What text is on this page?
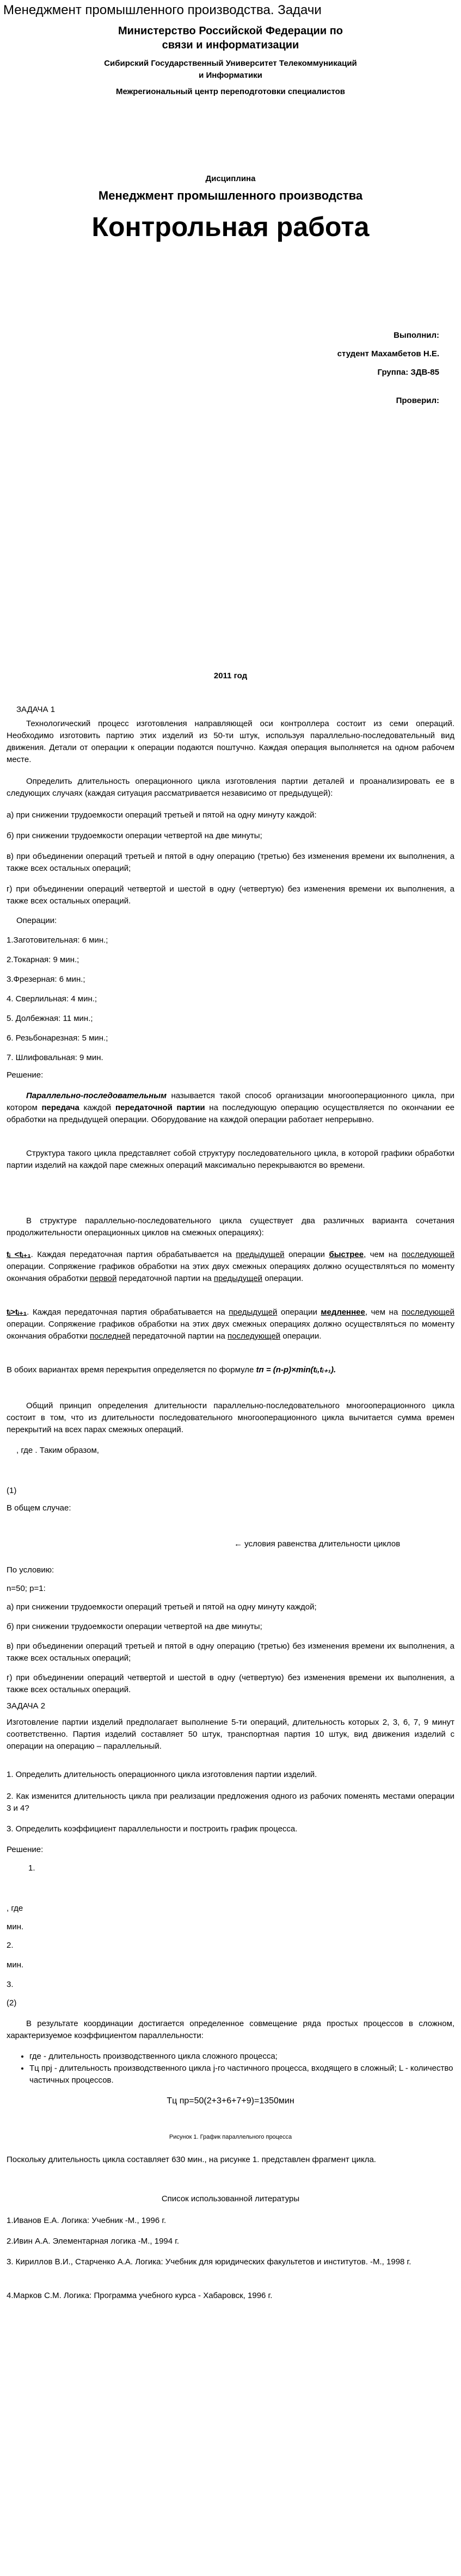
Менеджмент промышленного производства. Задачи
Министерство Российской Федерации по
связи и информатизации
Сибирский Государственный Университет Телекоммуникаций
и Информатики
Межрегиональный центр переподготовки специалистов
Дисциплина
Менеджмент промышленного производства
Контрольная работа
Выполнил:
студент Махамбетов Н.Е.
Группа: ЗДВ-85
Проверил:
2011 год
ЗАДАЧА 1

Технологический процесс изготовления направляющей оси контроллера состоит из семи операций. Необходимо изготовить партию этих изделий из 50-ти штук, используя параллельно-последовательный вид движения. Детали от операции к операции подаются поштучно. Каждая операция выполняется на одном рабочем месте.

Определить длительность операционного цикла изготовления партии деталей и проанализировать ее в следующих случаях (каждая ситуация рассматривается независимо от предыдущей):

а) при снижении трудоемкости операций третьей и пятой на одну минуту каждой:

б) при снижении трудоемкости операции четвертой на две минуты;

в) при объединении операций третьей и пятой в одну операцию (третью) без изменения времени их выполнения, а также всех остальных операций;

г) при объединении операций четвертой и шестой в одну (четвертую) без изменения времени их выполнения, а также всех остальных операций.

Операции:
1.Заготовительная: 6 мин.;
2.Токарная: 9 мин.;
3.Фрезерная: 6 мин.;
4. Сверлильная: 4 мин.;
5. Долбежная: 11 мин.;
6. Резьбонарезная: 5 мин.;
7. Шлифовальная: 9 мин.
Решение:

Параллельно-последовательным называется такой способ организации многооперационного цикла, при котором передача каждой передаточной партии на последующую операцию осуществляется по окончании ее обработки на предыдущей операции. Оборудование на каждой операции работает непрерывно.

Структура такого цикла представляет собой структуру последовательного цикла, в которой графики обработки партии изделий на каждой паре смежных операций максимально перекрываются во времени.

В структуре параллельно-последовательного цикла существует два различных варианта сочетания продолжительности операционных циклов на смежных операциях):

tᵢ <tᵢ₊₁. Каждая передаточная партия обрабатывается на предыдущей операции быстрее, чем на последующей операции. Сопряжение графиков обработки на этих двух смежных операциях должно осуществляться по моменту окончания обработки первой передаточной партии на предыдущей операции.

tᵢ>tᵢ₊₁. Каждая передаточная партия обрабатывается на предыдущей операции медленнее, чем на последующей операции. Сопряжение графиков обработки на этих двух смежных операциях должно осуществляться по моменту окончания обработки последней передаточной партии на последующей операции.

В обоих вариантах время перекрытия определяется по формуле tп = (n-p)×min(tᵢ,tᵢ₊₁).

Общий принцип определения длительности параллельно-последовательного многооперационного цикла состоит в том, что из длительности последовательного многооперационного цикла вычитается сумма времен перекрытий на всех парах смежных операций.

, где . Таким образом,
(1)
В общем случае:
← условия равенства длительности циклов
По условию:
n=50; p=1:

а) при снижении трудоемкости операций третьей и пятой на одну минуту каждой;

б) при снижении трудоемкости операции четвертой на две минуты;

в) при объединении операций третьей и пятой в одну операцию (третью) без изменения времени их выполнения, а также всех остальных операций;

г) при объединении операций четвертой и шестой в одну (четвертую) без изменения времени их выполнения, а также всех остальных операций.

ЗАДАЧА 2

Изготовление партии изделий предполагает выполнение 5-ти операций, длительность которых 2, 3, 6, 7, 9 минут соответственно. Партия изделий составляет 50 штук, транспортная партия 10 штук, вид движения изделий с операции на операцию – параллельный.

1. Определить длительность операционного цикла изготовления партии изделий.

2. Как изменится длительность цикла при реализации предложения одного из рабочих поменять местами операции 3 и 4?

3. Определить коэффициент параллельности и построить график процесса.

Решение:
1.
, где
мин.
2.
мин.
3.
(2)

В результате координации достигается определенное совмещение ряда простых процессов в сложном, характеризуемое коэффициентом параллельности:

• где - длительность производственного цикла сложного процесса;
• Тц прj - длительность производственного цикла j-го частичного процесса, входящего в сложный; L - количество частичных процессов.
Тц пр=50(2+3+6+7+9)=1350мин
Рисунок 1. График параллельного процесса

Поскольку длительность цикла составляет 630 мин., на рисунке 1. представлен фрагмент цикла.

Список использованной литературы

1.Иванов Е.А. Логика: Учебник -М., 1996 г.

2.Ивин А.А. Элементарная логика -М., 1994 г.

3. Кириллов В.И., Старченко А.А. Логика: Учебник для юридических факультетов и институтов. -М., 1998 г.

4.Марков С.М. Логика: Программа учебного курса - Хабаровск, 1996 г.
